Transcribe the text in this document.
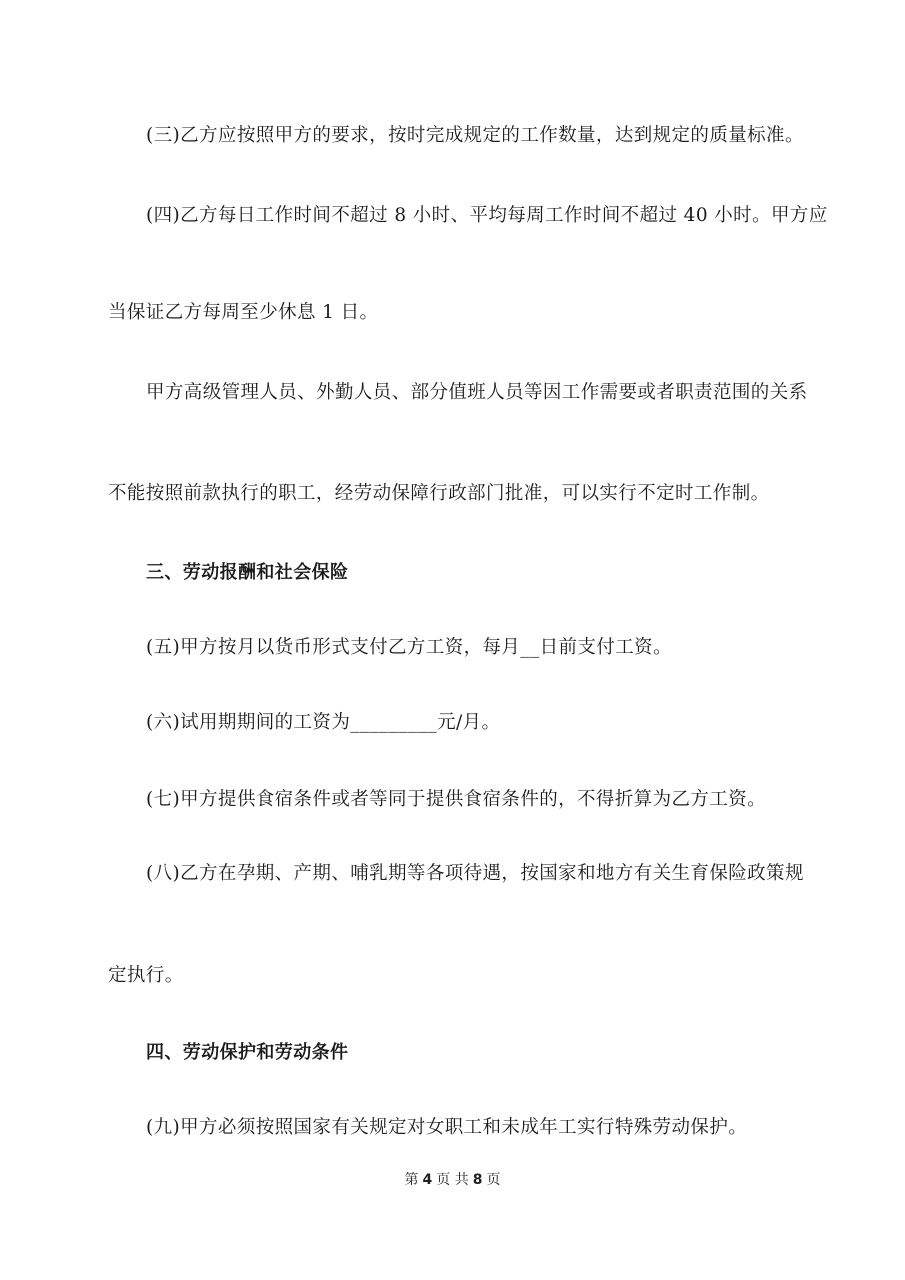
(三)乙方应按照甲方的要求，按时完成规定的工作数量，达到规定的质量标准。
(四)乙方每日工作时间不超过 8 小时、平均每周工作时间不超过 40 小时。甲方应
当保证乙方每周至少休息 1 日。
甲方高级管理人员、外勤人员、部分值班人员等因工作需要或者职责范围的关系
不能按照前款执行的职工，经劳动保障行政部门批准，可以实行不定时工作制。
三、劳动报酬和社会保险
(五)甲方按月以货币形式支付乙方工资，每月__日前支付工资。
(六)试用期期间的工资为_________元/月。
(七)甲方提供食宿条件或者等同于提供食宿条件的，不得折算为乙方工资。
(八)乙方在孕期、产期、哺乳期等各项待遇，按国家和地方有关生育保险政策规
定执行。
四、劳动保护和劳动条件
(九)甲方必须按照国家有关规定对女职工和未成年工实行特殊劳动保护。
第 4 页 共 8 页
